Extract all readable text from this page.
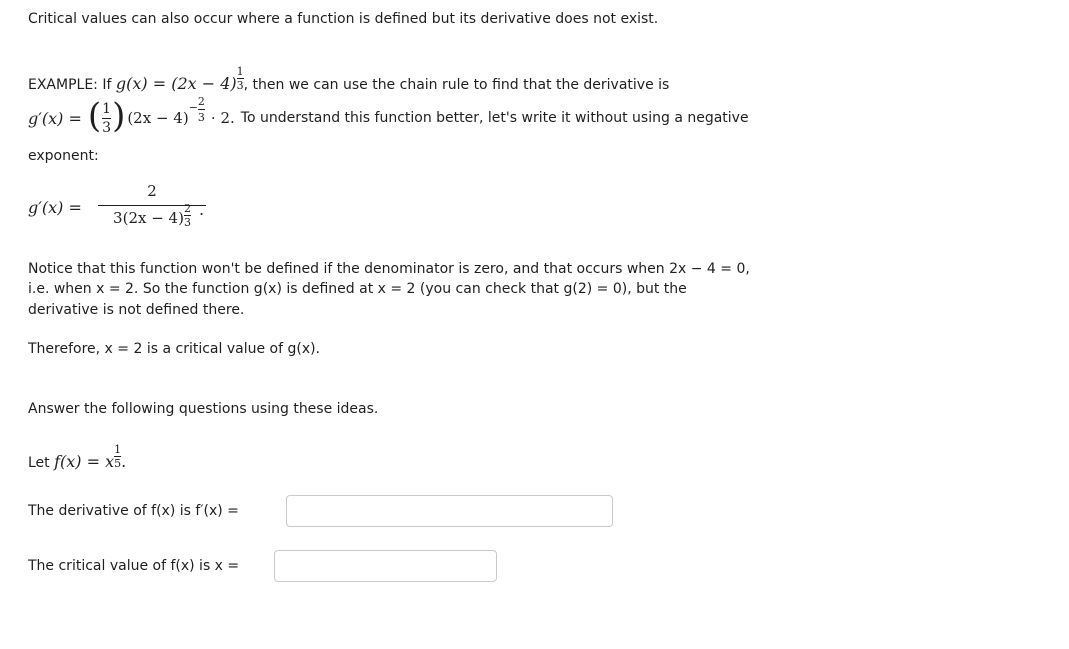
Critical values can also occur where a function is defined but its derivative does not exist.
EXAMPLE: If $g(x) = (2x - 4)\frac{1}{3}$, then we can use the chain rule to find that the derivative is
g′(x) = ( $\frac{1}{3}$ ) (2x − 4)
− $\frac{2}{3} \cdot 2$. To understand this function better, let's write it without using a negative
exponent:
g′(x) =
2
$3(2x - 4)\frac{2}{3}$ .
Notice that this function won't be defined if the denominator is zero, and that occurs when 2x − 4 = 0,
i.e. when x = 2. So the function g(x) is defined at x = 2 (you can check that g(2) = 0), but the
derivative is not defined there.
Therefore, x = 2 is a critical value of g(x).
Answer the following questions using these ideas.
Let $f(x) = x\frac{1}{5}$.
The derivative of f(x) is f′(x) =
The critical value of f(x) is x =
